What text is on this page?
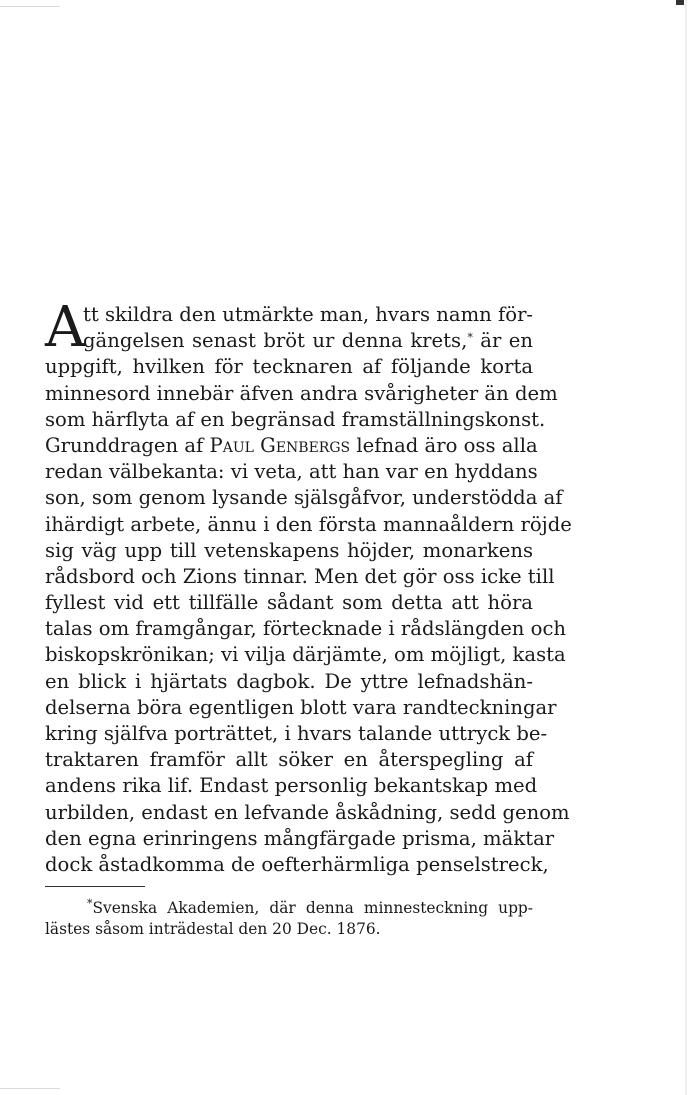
A
tt skildra den utmärkte man, hvars namn för-
gängelsen senast bröt ur denna krets,* är en
uppgift, hvilken för tecknaren af följande korta
minnesord innebär äfven andra svårigheter än dem
som härflyta af en begränsad framställningskonst.
Grunddragen af Paul Genbergs lefnad äro oss alla
redan välbekanta: vi veta, att han var en hyddans
son, som genom lysande själsgåfvor, understödda af
ihärdigt arbete, ännu i den första mannaåldern röjde
sig väg upp till vetenskapens höjder, monarkens
rådsbord och Zions tinnar. Men det gör oss icke till
fyllest vid ett tillfälle sådant som detta att höra
talas om framgångar, förtecknade i rådslängden och
biskopskrönikan; vi vilja därjämte, om möjligt, kasta
en blick i hjärtats dagbok. De yttre lefnadshän-
delserna böra egentligen blott vara randteckningar
kring själfva porträttet, i hvars talande uttryck be-
traktaren framför allt söker en återspegling af
andens rika lif. Endast personlig bekantskap med
urbilden, endast en lefvande åskådning, sedd genom
den egna erinringens mångfärgade prisma, mäktar
dock åstadkomma de oefterhärmliga penselstreck,
*Svenska Akademien, där denna minnesteckning upp-
lästes såsom inträdestal den 20 Dec. 1876.
